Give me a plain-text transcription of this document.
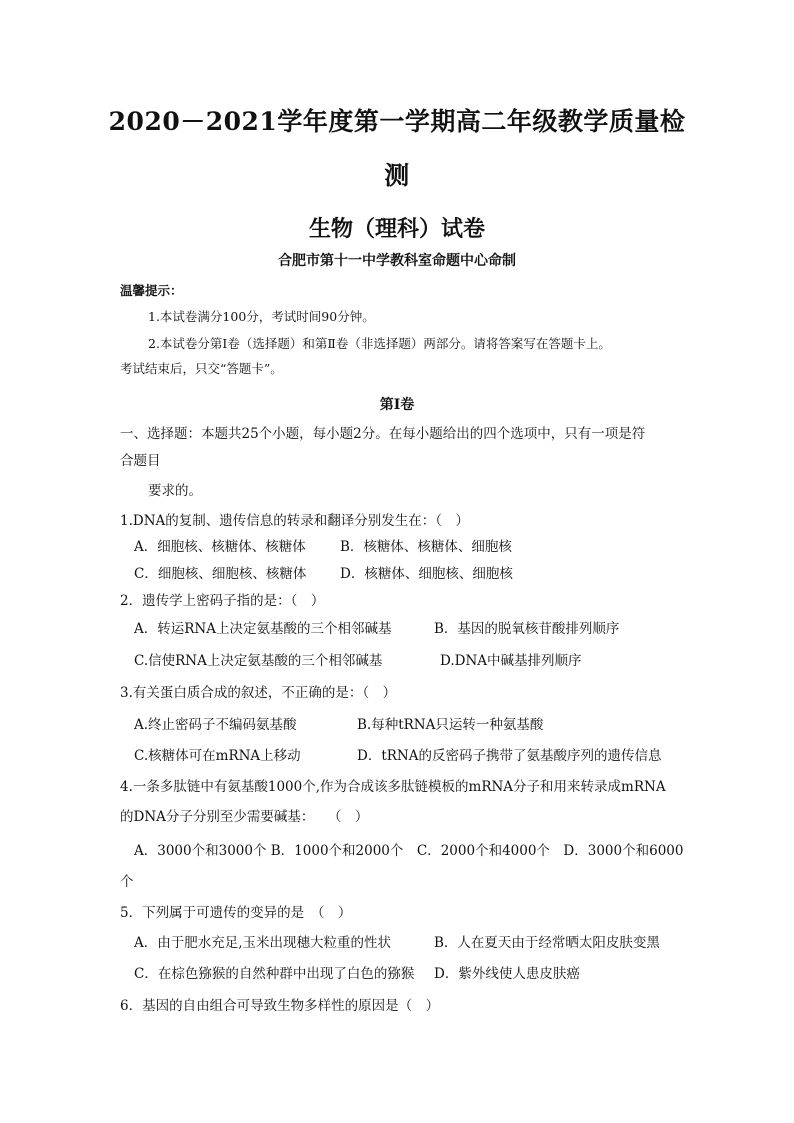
2020－2021学年度第一学期高二年级教学质量检
测
生物（理科）试卷
合肥市第十一中学教科室命题中心命制
温馨提示：
1.本试卷满分100分，考试时间90分钟。
2.本试卷分第Ⅰ卷（选择题）和第Ⅱ卷（非选择题）两部分。请将答案写在答题卡上。
考试结束后，只交“答题卡”。
第Ⅰ卷
一、选择题：本题共25个小题，每小题2分。在每小题给出的四个选项中，只有一项是符
合题目
要求的。
1.DNA的复制、遗传信息的转录和翻译分别发生在：（　）
A．细胞核、核糖体、核糖体	B．核糖体、核糖体、细胞核
C．细胞核、细胞核、核糖体 D．核糖体、细胞核、细胞核
2．遗传学上密码子指的是：（　）
A．转运RNA上决定氨基酸的三个相邻碱基	B．基因的脱氧核苷酸排列顺序
C.信使RNA上决定氨基酸的三个相邻碱基	D.DNA中碱基排列顺序
3.有关蛋白质合成的叙述，不正确的是：（　）
A.终止密码子不编码氨基酸	B.每种tRNA只运转一种氨基酸
C.核糖体可在mRNA上移动	D．tRNA的反密码子携带了氨基酸序列的遗传信息
4.一条多肽链中有氨基酸1000个,作为合成该多肽链模板的mRNA分子和用来转录成mRNA
的DNA分子分别至少需要碱基：　　（　）
A．3000个和3000个 B．1000个和2000个　C．2000个和4000个　D．3000个和6000
个
5．下列属于可遗传的变异的是　（　）
A．由于肥水充足,玉米出现穗大粒重的性状	B．人在夏天由于经常晒太阳皮肤变黑
C．在棕色猕猴的自然种群中出现了白色的猕猴 D．紫外线使人患皮肤癌
6．基因的自由组合可导致生物多样性的原因是（　）
